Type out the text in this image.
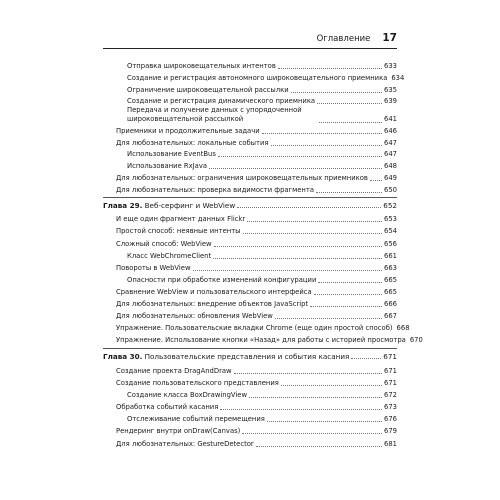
Оглавление 17
Отправка широковещательных интентов	633
Создание и регистрация автономного широковещательного приемника 634
Ограничение широковещательной рассылки	635
Создание и регистрация динамического приемника	639
Передача и получение данных с упорядоченной широковещательной рассылкой	641
Приемники и продолжительные задачи	646
Для любознательных: локальные события	647
Использование EventBus	647
Использование RxJava	648
Для любознательных: ограничения широковещательных приемников 649
Для любознательных: проверка видимости фрагмента	650
Глава 29. Веб-серфинг и WebView	652
И еще один фрагмент данных Flickr	653
Простой способ: неявные интенты	654
Сложный способ: WebView	656
Класс WebChromeClient	661
Повороты в WebView	663
Опасности при обработке изменений конфигурации	665
Сравнение WebView и пользовательского интерфейса	665
Для любознательных: внедрение объектов JavaScript	666
Для любознательных: обновления WebView	667
Упражнение. Пользовательские вкладки Chrome (еще один простой способ) 668
Упражнение. Использование кнопки «Назад» для работы с историей просмотра 670
Глава 30. Пользовательские представления и события касания	671
Создание проекта DragAndDraw	671
Создание пользовательского представления	671
Создание класса BoxDrawingView	672
Обработка событий касания	673
Отслеживание событий перемещения	676
Рендеринг внутри onDraw(Canvas)	679
Для любознательных: GestureDetector	681
